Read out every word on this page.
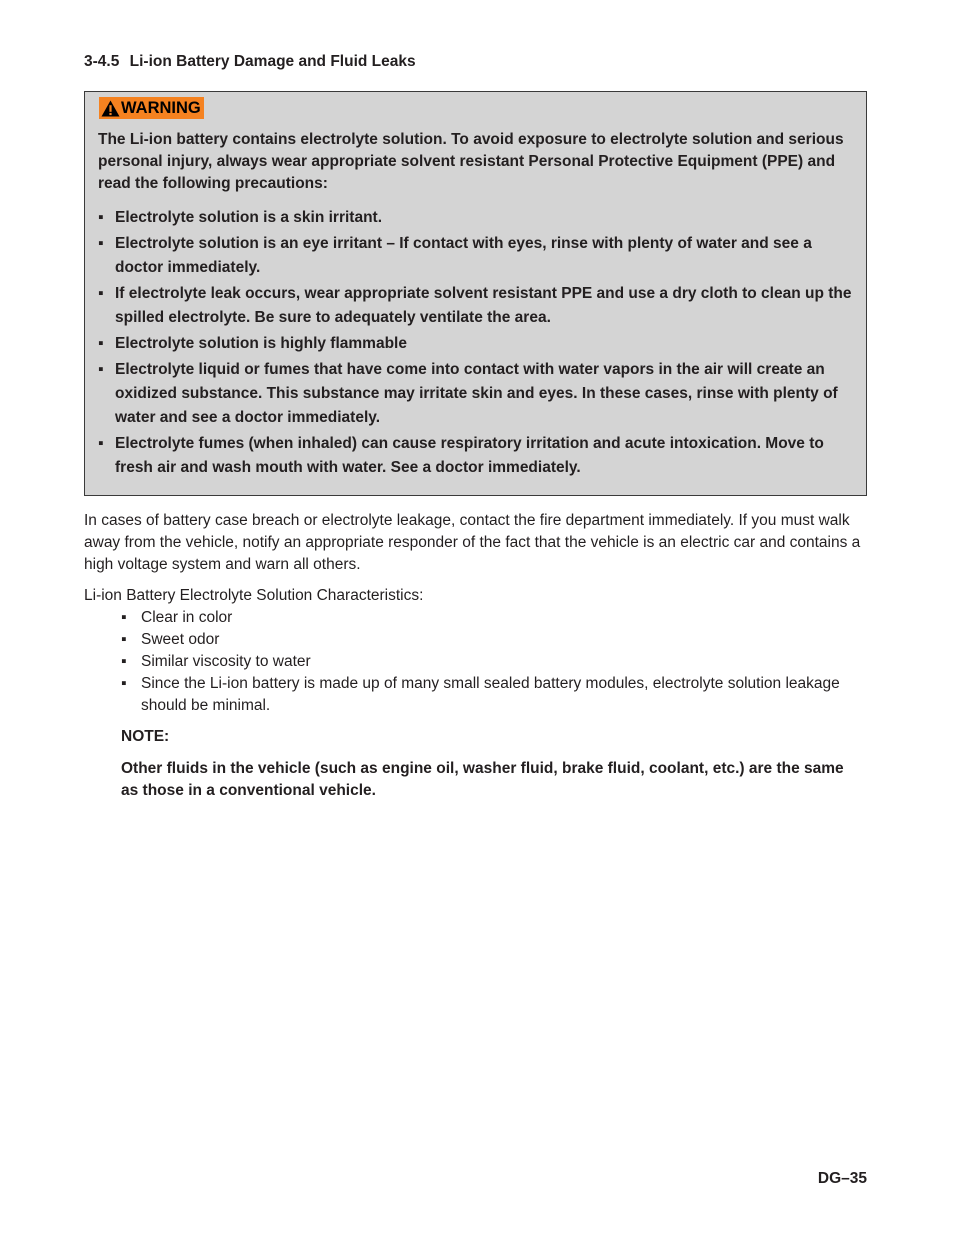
3-4.5 Li-ion Battery Damage and Fluid Leaks
WARNING

The Li-ion battery contains electrolyte solution. To avoid exposure to electrolyte solution and serious personal injury, always wear appropriate solvent resistant Personal Protective Equipment (PPE) and read the following precautions:

▪ Electrolyte solution is a skin irritant.
▪ Electrolyte solution is an eye irritant – If contact with eyes, rinse with plenty of water and see a doctor immediately.
▪ If electrolyte leak occurs, wear appropriate solvent resistant PPE and use a dry cloth to clean up the spilled electrolyte. Be sure to adequately ventilate the area.
▪ Electrolyte solution is highly flammable
▪ Electrolyte liquid or fumes that have come into contact with water vapors in the air will create an oxidized substance. This substance may irritate skin and eyes. In these cases, rinse with plenty of water and see a doctor immediately.
▪ Electrolyte fumes (when inhaled) can cause respiratory irritation and acute intoxication. Move to fresh air and wash mouth with water. See a doctor immediately.

In cases of battery case breach or electrolyte leakage, contact the fire department immediately. If you must walk away from the vehicle, notify an appropriate responder of the fact that the vehicle is an electric car and contains a high voltage system and warn all others.

Li-ion Battery Electrolyte Solution Characteristics:

▪ Clear in color
▪ Sweet odor
▪ Similar viscosity to water
▪ Since the Li-ion battery is made up of many small sealed battery modules, electrolyte solution leakage should be minimal.

NOTE:

Other fluids in the vehicle (such as engine oil, washer fluid, brake fluid, coolant, etc.) are the same as those in a conventional vehicle.

DG–35
